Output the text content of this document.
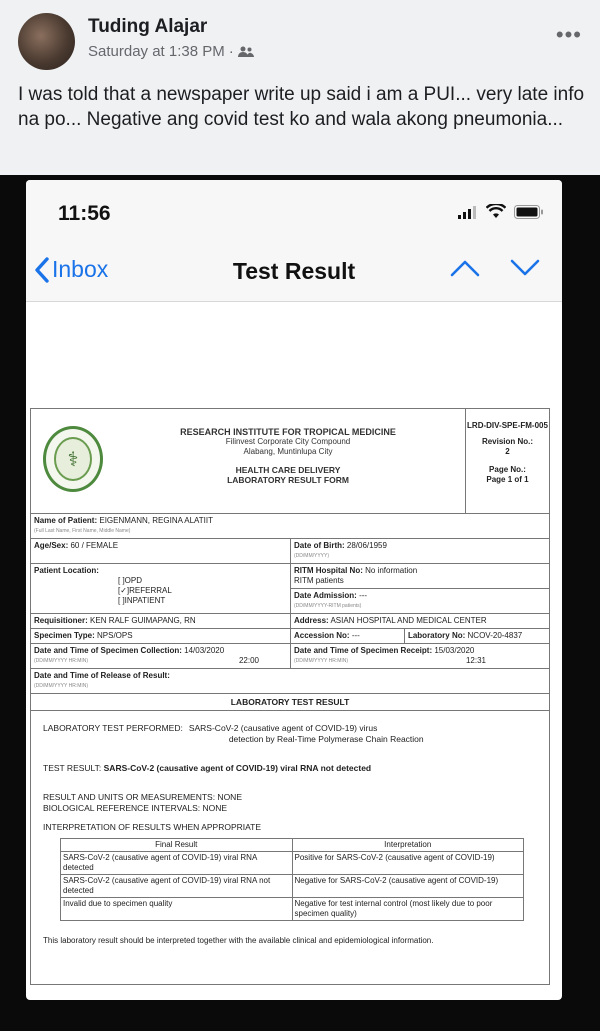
Tuding Alajar
Saturday at 1:38 PM ·
•••
I was told that a newspaper write up said i am a PUI... very late info na po... Negative ang covid test ko and wala akong pneumonia...
11:56
Inbox	Test Result
⚕
RESEARCH INSTITUTE FOR TROPICAL MEDICINE
Filinvest Corporate City Compound
Alabang, Muntinlupa City
HEALTH CARE DELIVERY
LABORATORY RESULT FORM
LRD-DIV-SPE-FM-005
Revision No.:
2
Page No.:
Page 1 of 1
Name of Patient: EIGENMANN, REGINA ALATIIT
(Full Last Name, First Name, Middle Name)
Age/Sex: 60 / FEMALE	Date of Birth: 28/06/1959
(DD/MM/YYYY)
Patient Location:
[ ]OPD
[✓]REFERRAL
[ ]INPATIENT
RITM Hospital No: No information
RITM patients
Date Admission: ---
(DD/MM/YYYY-RITM patients)
Requisitioner: KEN RALF GUIMAPANG, RN	Address: ASIAN HOSPITAL AND MEDICAL CENTER
Specimen Type: NPS/OPS	Accession No: ---	Laboratory No: NCOV-20-4837
Date and Time of Specimen Collection: 14/03/2020
(DD/MM/YYYY HR:MIN)	22:00
Date and Time of Specimen Receipt: 15/03/2020
(DD/MM/YYYY HR:MIN)	12:31
Date and Time of Release of Result:
(DD/MM/YYYY HR:MIN)
LABORATORY TEST RESULT
LABORATORY TEST PERFORMED: SARS-CoV-2 (causative agent of COVID-19) virus
detection by Real-Time Polymerase Chain Reaction
TEST RESULT: SARS-CoV-2 (causative agent of COVID-19) viral RNA not detected
RESULT AND UNITS OR MEASUREMENTS: NONE
BIOLOGICAL REFERENCE INTERVALS: NONE
INTERPRETATION OF RESULTS WHEN APPROPRIATE
Final Result	Interpretation
SARS-CoV-2 (causative agent of COVID-19) viral RNA detected	Positive for SARS-CoV-2 (causative agent of COVID-19)
SARS-CoV-2 (causative agent of COVID-19) viral RNA not detected	Negative for SARS-CoV-2 (causative agent of COVID-19)
Invalid due to specimen quality	Negative for test internal control (most likely due to poor specimen quality)
This laboratory result should be interpreted together with the available clinical and epidemiological information.
